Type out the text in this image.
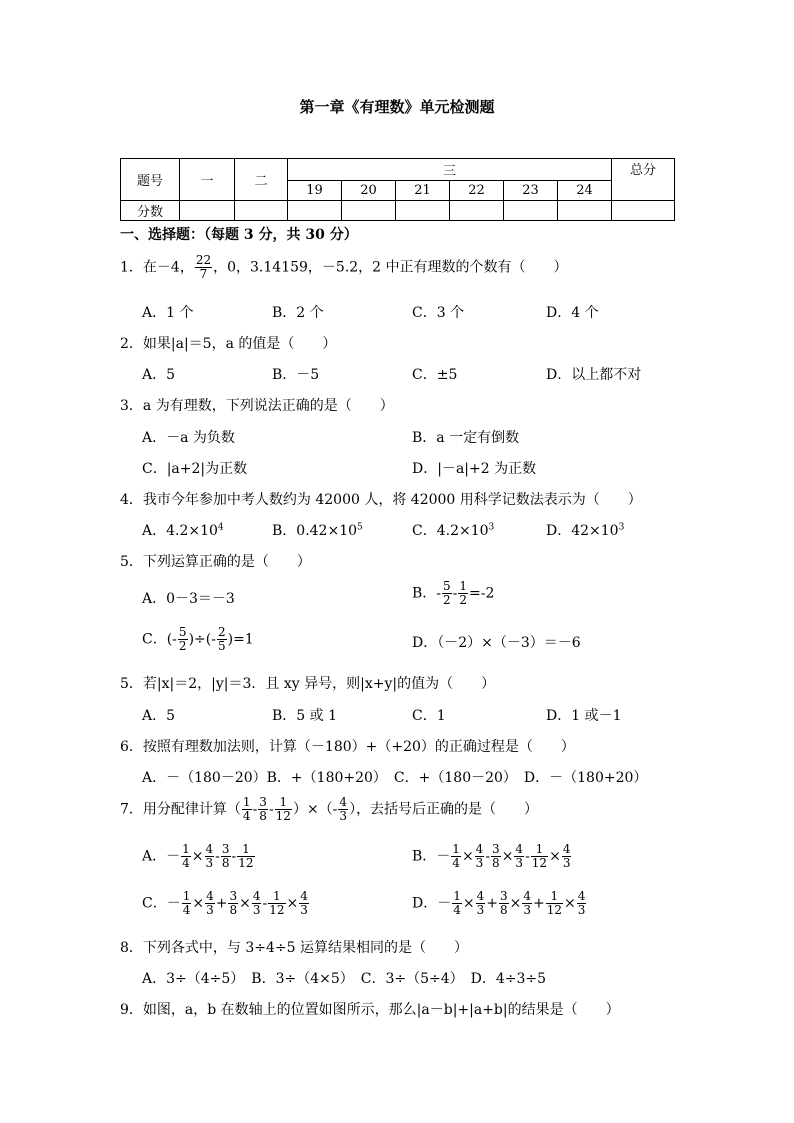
第一章《有理数》单元检测题
题号	一	二	三						总分
			19	20	21	22	23	24	
分数									
一、选择题：（每题 3 分，共 30 分）
1．在－4， $\frac{22}{7}$ ，0，3.14159，－5.2，2 中正有理数的个数有（　　）
A．1 个	B．2 个	C．3 个	D．4 个
2．如果|a|＝5，a 的值是（　　）
A．5	B．－5	C．±5	D．以上都不对
3．a 为有理数，下列说法正确的是（　　）
A．－a 为负数	B．a 一定有倒数
C．|a+2|为正数	D．|－a|+2 为正数
4．我市今年参加中考人数约为 42000 人，将 42000 用科学记数法表示为（　　）
A．$4.2\times 10^4$	B．$0.42\times 10^5$	C．$4.2\times 10^3$	D．$42\times 10^3$
5．下列运算正确的是（　　）
A．0－3＝－3	B．- $\frac{5}{2} - \frac{1}{2} =-2$
C．(- $\frac{5}{2}$ )÷(- $\frac{2}{5} )=1$	D．（－2）×（－3）＝－6
5．若|x|＝2，|y|＝3．且 xy 异号，则|x+y|的值为（　　）
A．5	B．5 或 1	C．1	D．1 或－1
6．按照有理数加法则，计算（－180）+（+20）的正确过程是（　　）
A．－（180－20）B．+（180+20）　C．+（180－20）　D．－（180+20）
7．用分配律计算（ $\frac{1}{4} - \frac{3}{8} - \frac{1}{12}$ ）×（- $\frac{4}{3}$ ），去括号后正确的是（　　）
A．－ $\frac{1}{4} \times \frac{4}{3} - \frac{3}{8} - \frac{1}{12}$	B．－ $\frac{1}{4} \times \frac{4}{3} - \frac{3}{8} \times \frac{4}{3} - \frac{1}{12} \times \frac{4}{3}$
C．－ $\frac{1}{4} \times \frac{4}{3} + \frac{3}{8} \times \frac{4}{3} - \frac{1}{12} \times \frac{4}{3}$	D．－ $\frac{1}{4} \times \frac{4}{3} + \frac{3}{8} \times \frac{4}{3} + \frac{1}{12} \times \frac{4}{3}$
8．下列各式中，与 3÷4÷5 运算结果相同的是（　　）
A．3÷（4÷5）　B．3÷（4×5）　C．3÷（5÷4）　D．4÷3÷5
9．如图，a，b 在数轴上的位置如图所示，那么|a－b|+|a+b|的结果是（　　）
